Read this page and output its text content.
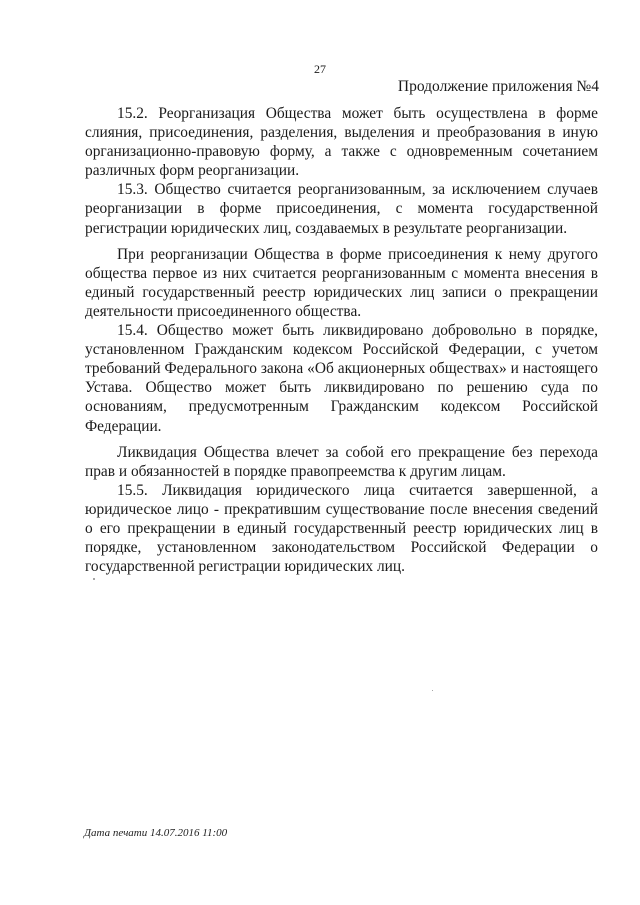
27
Продолжение приложения №4

15.2. Реорганизация Общества может быть осуществлена в форме слияния, присоединения, разделения, выделения и преобразования в иную организационно-правовую форму, а также с одновременным сочетанием различных форм реорганизации.

15.3. Общество считается реорганизованным, за исключением случаев реорганизации в форме присоединения, с момента государственной регистрации юридических лиц, создаваемых в результате реорганизации.

При реорганизации Общества в форме присоединения к нему другого общества первое из них считается реорганизованным с момента внесения в единый государственный реестр юридических лиц записи о прекращении деятельности присоединенного общества.

15.4. Общество может быть ликвидировано добровольно в порядке, установленном Гражданским кодексом Российской Федерации, с учетом требований Федерального закона «Об акционерных обществах» и настоящего Устава. Общество может быть ликвидировано по решению суда по основаниям, предусмотренным Гражданским кодексом Российской Федерации.

Ликвидация Общества влечет за собой его прекращение без перехода прав и обязанностей в порядке правопреемства к другим лицам.

15.5. Ликвидация юридического лица считается завершенной, а юридическое лицо - прекратившим существование после внесения сведений о его прекращении в единый государственный реестр юридических лиц в порядке, установленном законодательством Российской Федерации о государственной регистрации юридических лиц.

Дата печати 14.07.2016 11:00
